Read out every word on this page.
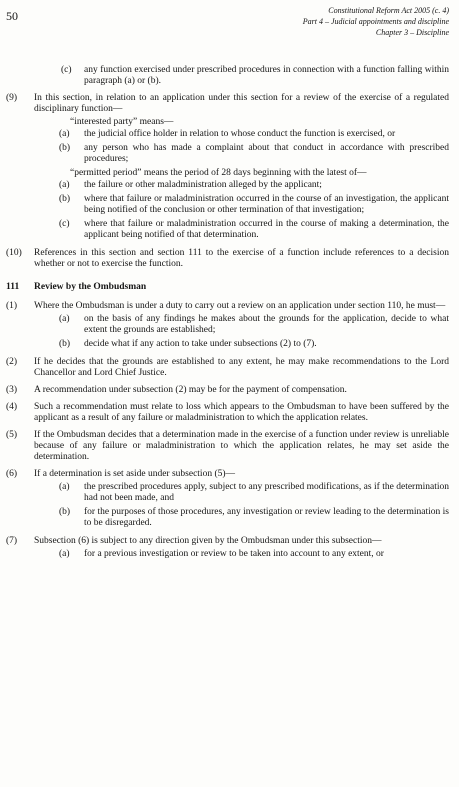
50	Constitutional Reform Act 2005 (c. 4)
Part 4 – Judicial appointments and discipline
Chapter 3 – Discipline
(c) any function exercised under prescribed procedures in connection with a function falling within paragraph (a) or (b).
(9) In this section, in relation to an application under this section for a review of the exercise of a regulated disciplinary function—
“interested party” means—
(a) the judicial office holder in relation to whose conduct the function is exercised, or
(b) any person who has made a complaint about that conduct in accordance with prescribed procedures;
“permitted period” means the period of 28 days beginning with the latest of—
(a) the failure or other maladministration alleged by the applicant;
(b) where that failure or maladministration occurred in the course of an investigation, the applicant being notified of the conclusion or other termination of that investigation;
(c) where that failure or maladministration occurred in the course of making a determination, the applicant being notified of that determination.
(10) References in this section and section 111 to the exercise of a function include references to a decision whether or not to exercise the function.
111 Review by the Ombudsman
(1) Where the Ombudsman is under a duty to carry out a review on an application under section 110, he must—
(a) on the basis of any findings he makes about the grounds for the application, decide to what extent the grounds are established;
(b) decide what if any action to take under subsections (2) to (7).
(2) If he decides that the grounds are established to any extent, he may make recommendations to the Lord Chancellor and Lord Chief Justice.
(3) A recommendation under subsection (2) may be for the payment of compensation.
(4) Such a recommendation must relate to loss which appears to the Ombudsman to have been suffered by the applicant as a result of any failure or maladministration to which the application relates.
(5) If the Ombudsman decides that a determination made in the exercise of a function under review is unreliable because of any failure or maladministration to which the application relates, he may set aside the determination.
(6) If a determination is set aside under subsection (5)—
(a) the prescribed procedures apply, subject to any prescribed modifications, as if the determination had not been made, and
(b) for the purposes of those procedures, any investigation or review leading to the determination is to be disregarded.
(7) Subsection (6) is subject to any direction given by the Ombudsman under this subsection—
(a) for a previous investigation or review to be taken into account to any extent, or
